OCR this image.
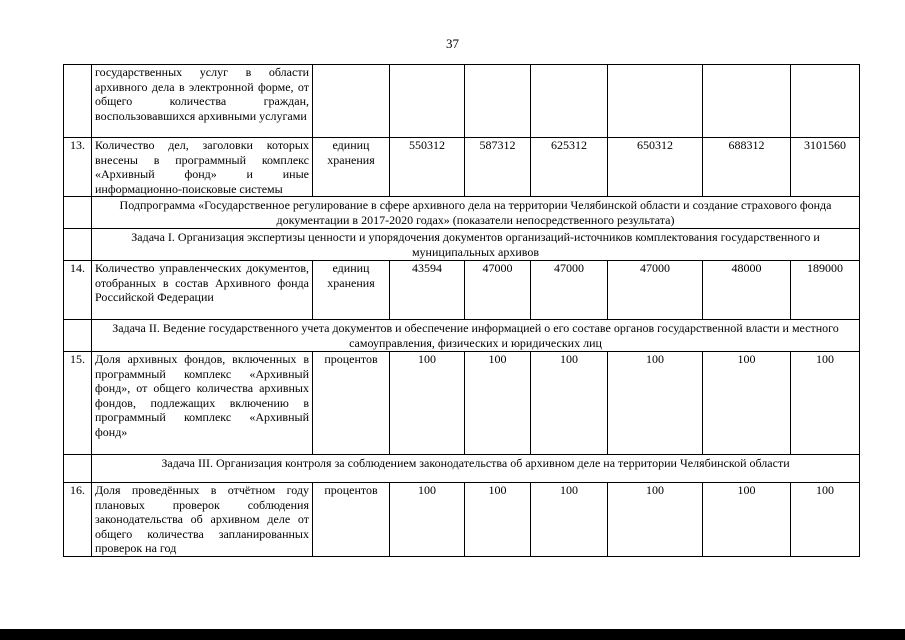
37
	государственных услуг в области архивного дела в электронной форме, от общего количества граждан, воспользовавшихся архивными услугами							
13.	Количество дел, заголовки которых внесены в программный комплекс «Архивный фонд» и иные информационно-поисковые системы	единиц хранения	550312	587312	625312	650312	688312	3101560
	Подпрограмма «Государственное регулирование в сфере архивного дела на территории Челябинской области и создание страхового фонда документации в 2017-2020 годах» (показатели непосредственного результата)							
	Задача I. Организация экспертизы ценности и упорядочения документов организаций-источников комплектования государственного и муниципальных архивов							
14.	Количество управленческих документов, отобранных в состав Архивного фонда Российской Федерации	единиц хранения	43594	47000	47000	47000	48000	189000
	Задача II. Ведение государственного учета документов и обеспечение информацией о его составе органов государственной власти и местного самоуправления, физических и юридических лиц							
15.	Доля архивных фондов, включенных в программный комплекс «Архивный фонд», от общего количества архивных фондов, подлежащих включению в программный комплекс «Архивный фонд»	процентов	100	100	100	100	100	100
	Задача III. Организация контроля за соблюдением законодательства об архивном деле на территории Челябинской области							
16.	Доля проведённых в отчётном году плановых проверок соблюдения законодательства об архивном деле от общего количества запланированных проверок на год	процентов	100	100	100	100	100	100
